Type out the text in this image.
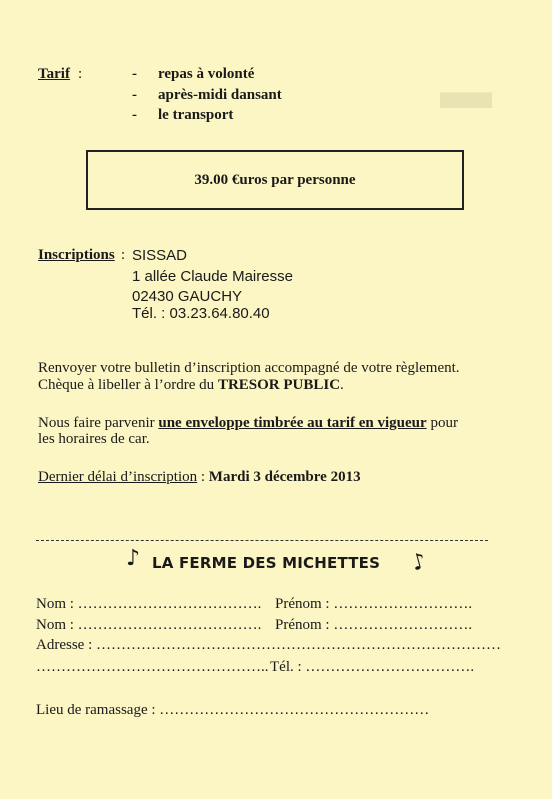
▬
Tarif :	- repas à volonté
- après-midi dansant
- le transport
39.00 €uros par personne
Inscriptions : SISSAD
1 allée Claude Mairesse
02430 GAUCHY
Tél. : 03.23.64.80.40
Renvoyer votre bulletin d’inscription accompagné de votre règlement.
Chèque à libeller à l’ordre du TRESOR PUBLIC.
Nous faire parvenir une enveloppe timbrée au tarif en vigueur pour
les horaires de car.
Dernier délai d’inscription : Mardi 3 décembre 2013
♪ LA FERME DES MICHETTES ♪
Nom : ………………………………. Prénom : ……………………….
Nom : ………………………………. Prénom : ……………………….
Adresse : ………………………………………………………………………
……………………………………….. Tél. : …………………………….
Lieu de ramassage : ………………………………………………
